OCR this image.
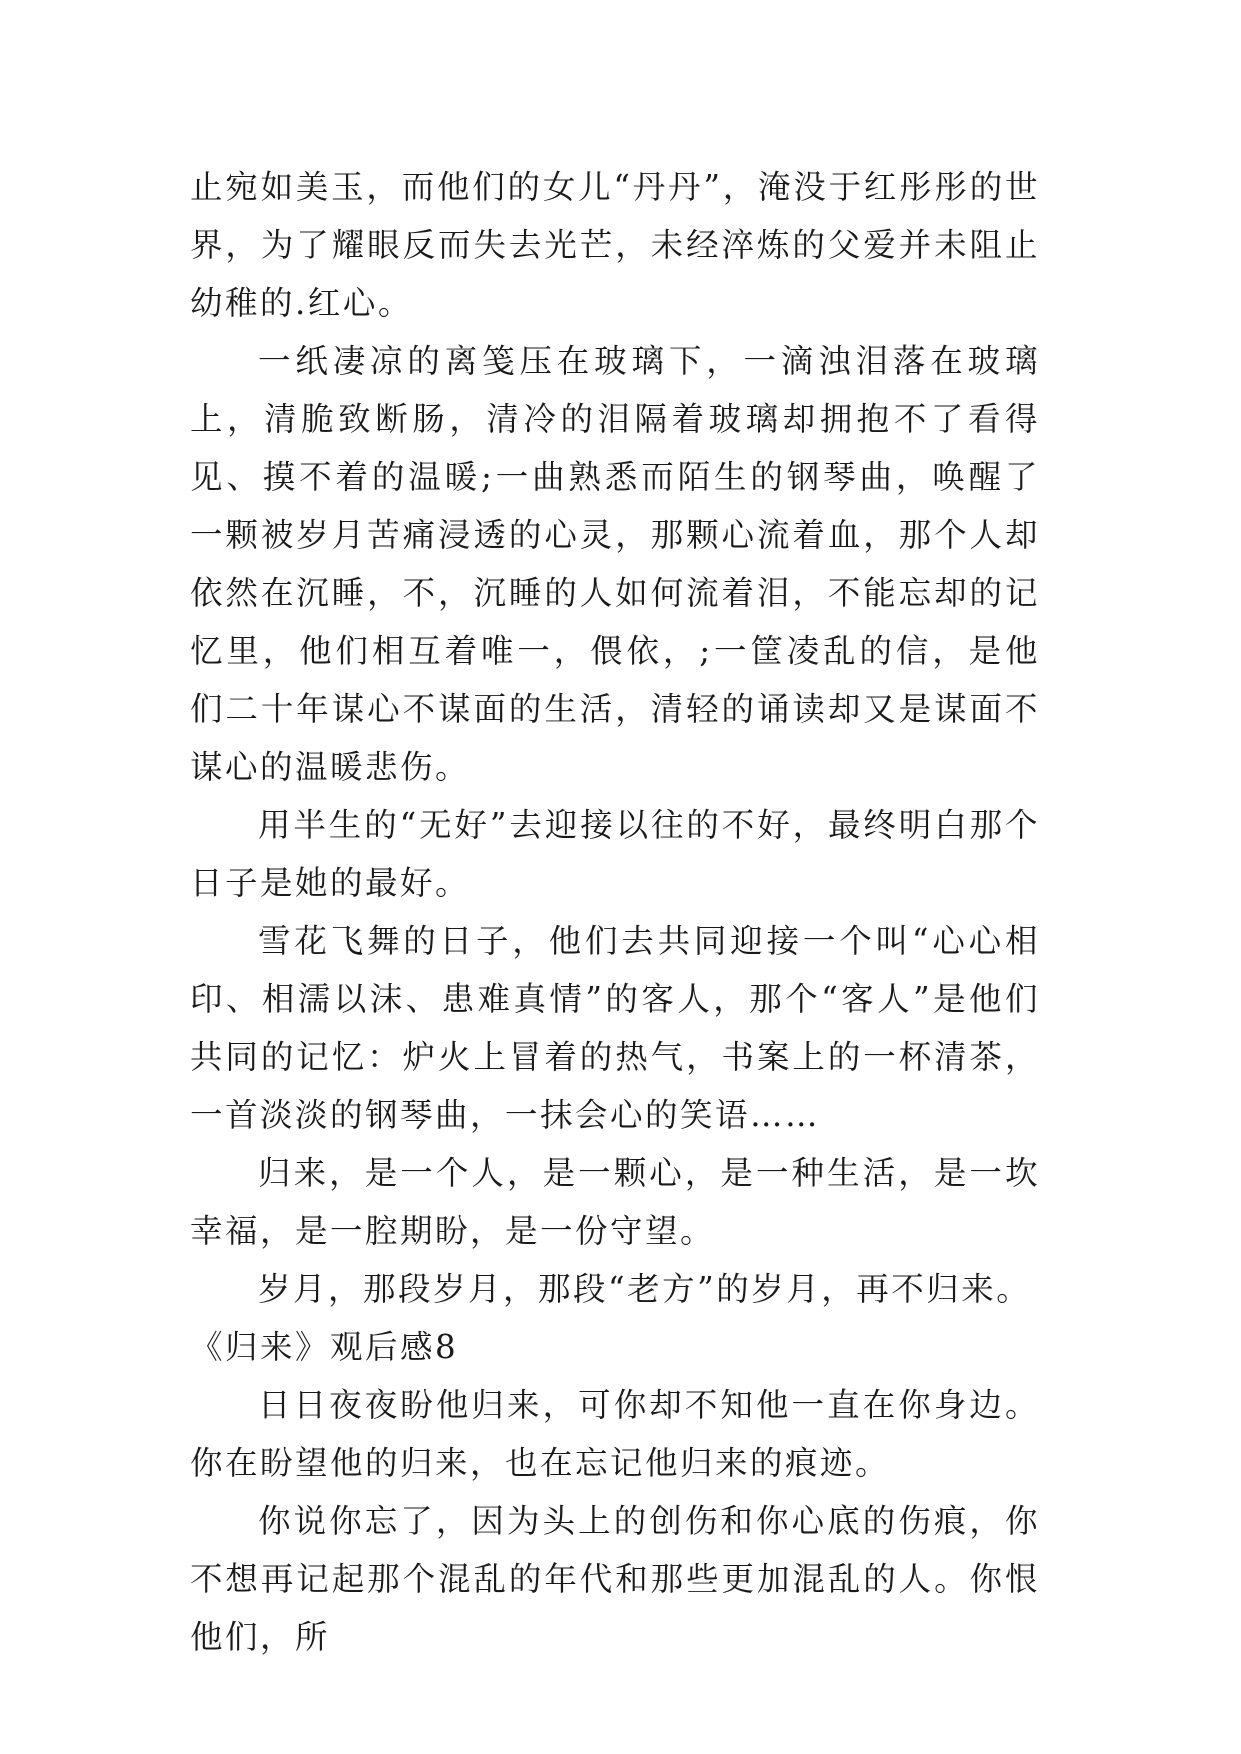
止宛如美玉，而他们的女儿“丹丹”，淹没于红彤彤的世界，为了耀眼反而失去光芒，未经淬炼的父爱并未阻止幼稚的.红心。

一纸凄凉的离笺压在玻璃下，一滴浊泪落在玻璃上，清脆致断肠，清冷的泪隔着玻璃却拥抱不了看得见、摸不着的温暖;一曲熟悉而陌生的钢琴曲，唤醒了一颗被岁月苦痛浸透的心灵，那颗心流着血，那个人却依然在沉睡，不，沉睡的人如何流着泪，不能忘却的记忆里，他们相互着唯一，偎依，;一筐凌乱的信，是他们二十年谋心不谋面的生活，清轻的诵读却又是谋面不谋心的温暖悲伤。

用半生的“无好”去迎接以往的不好，最终明白那个日子是她的最好。

雪花飞舞的日子，他们去共同迎接一个叫“心心相印、相濡以沫、患难真情”的客人，那个“客人”是他们共同的记忆：炉火上冒着的热气，书案上的一杯清茶，一首淡淡的钢琴曲，一抹会心的笑语……

归来，是一个人，是一颗心，是一种生活，是一坎幸福，是一腔期盼，是一份守望。

岁月，那段岁月，那段“老方”的岁月，再不归来。

《归来》观后感8

日日夜夜盼他归来，可你却不知他一直在你身边。你在盼望他的归来，也在忘记他归来的痕迹。

你说你忘了，因为头上的创伤和你心底的伤痕，你不想再记起那个混乱的年代和那些更加混乱的人。你恨他们，所
